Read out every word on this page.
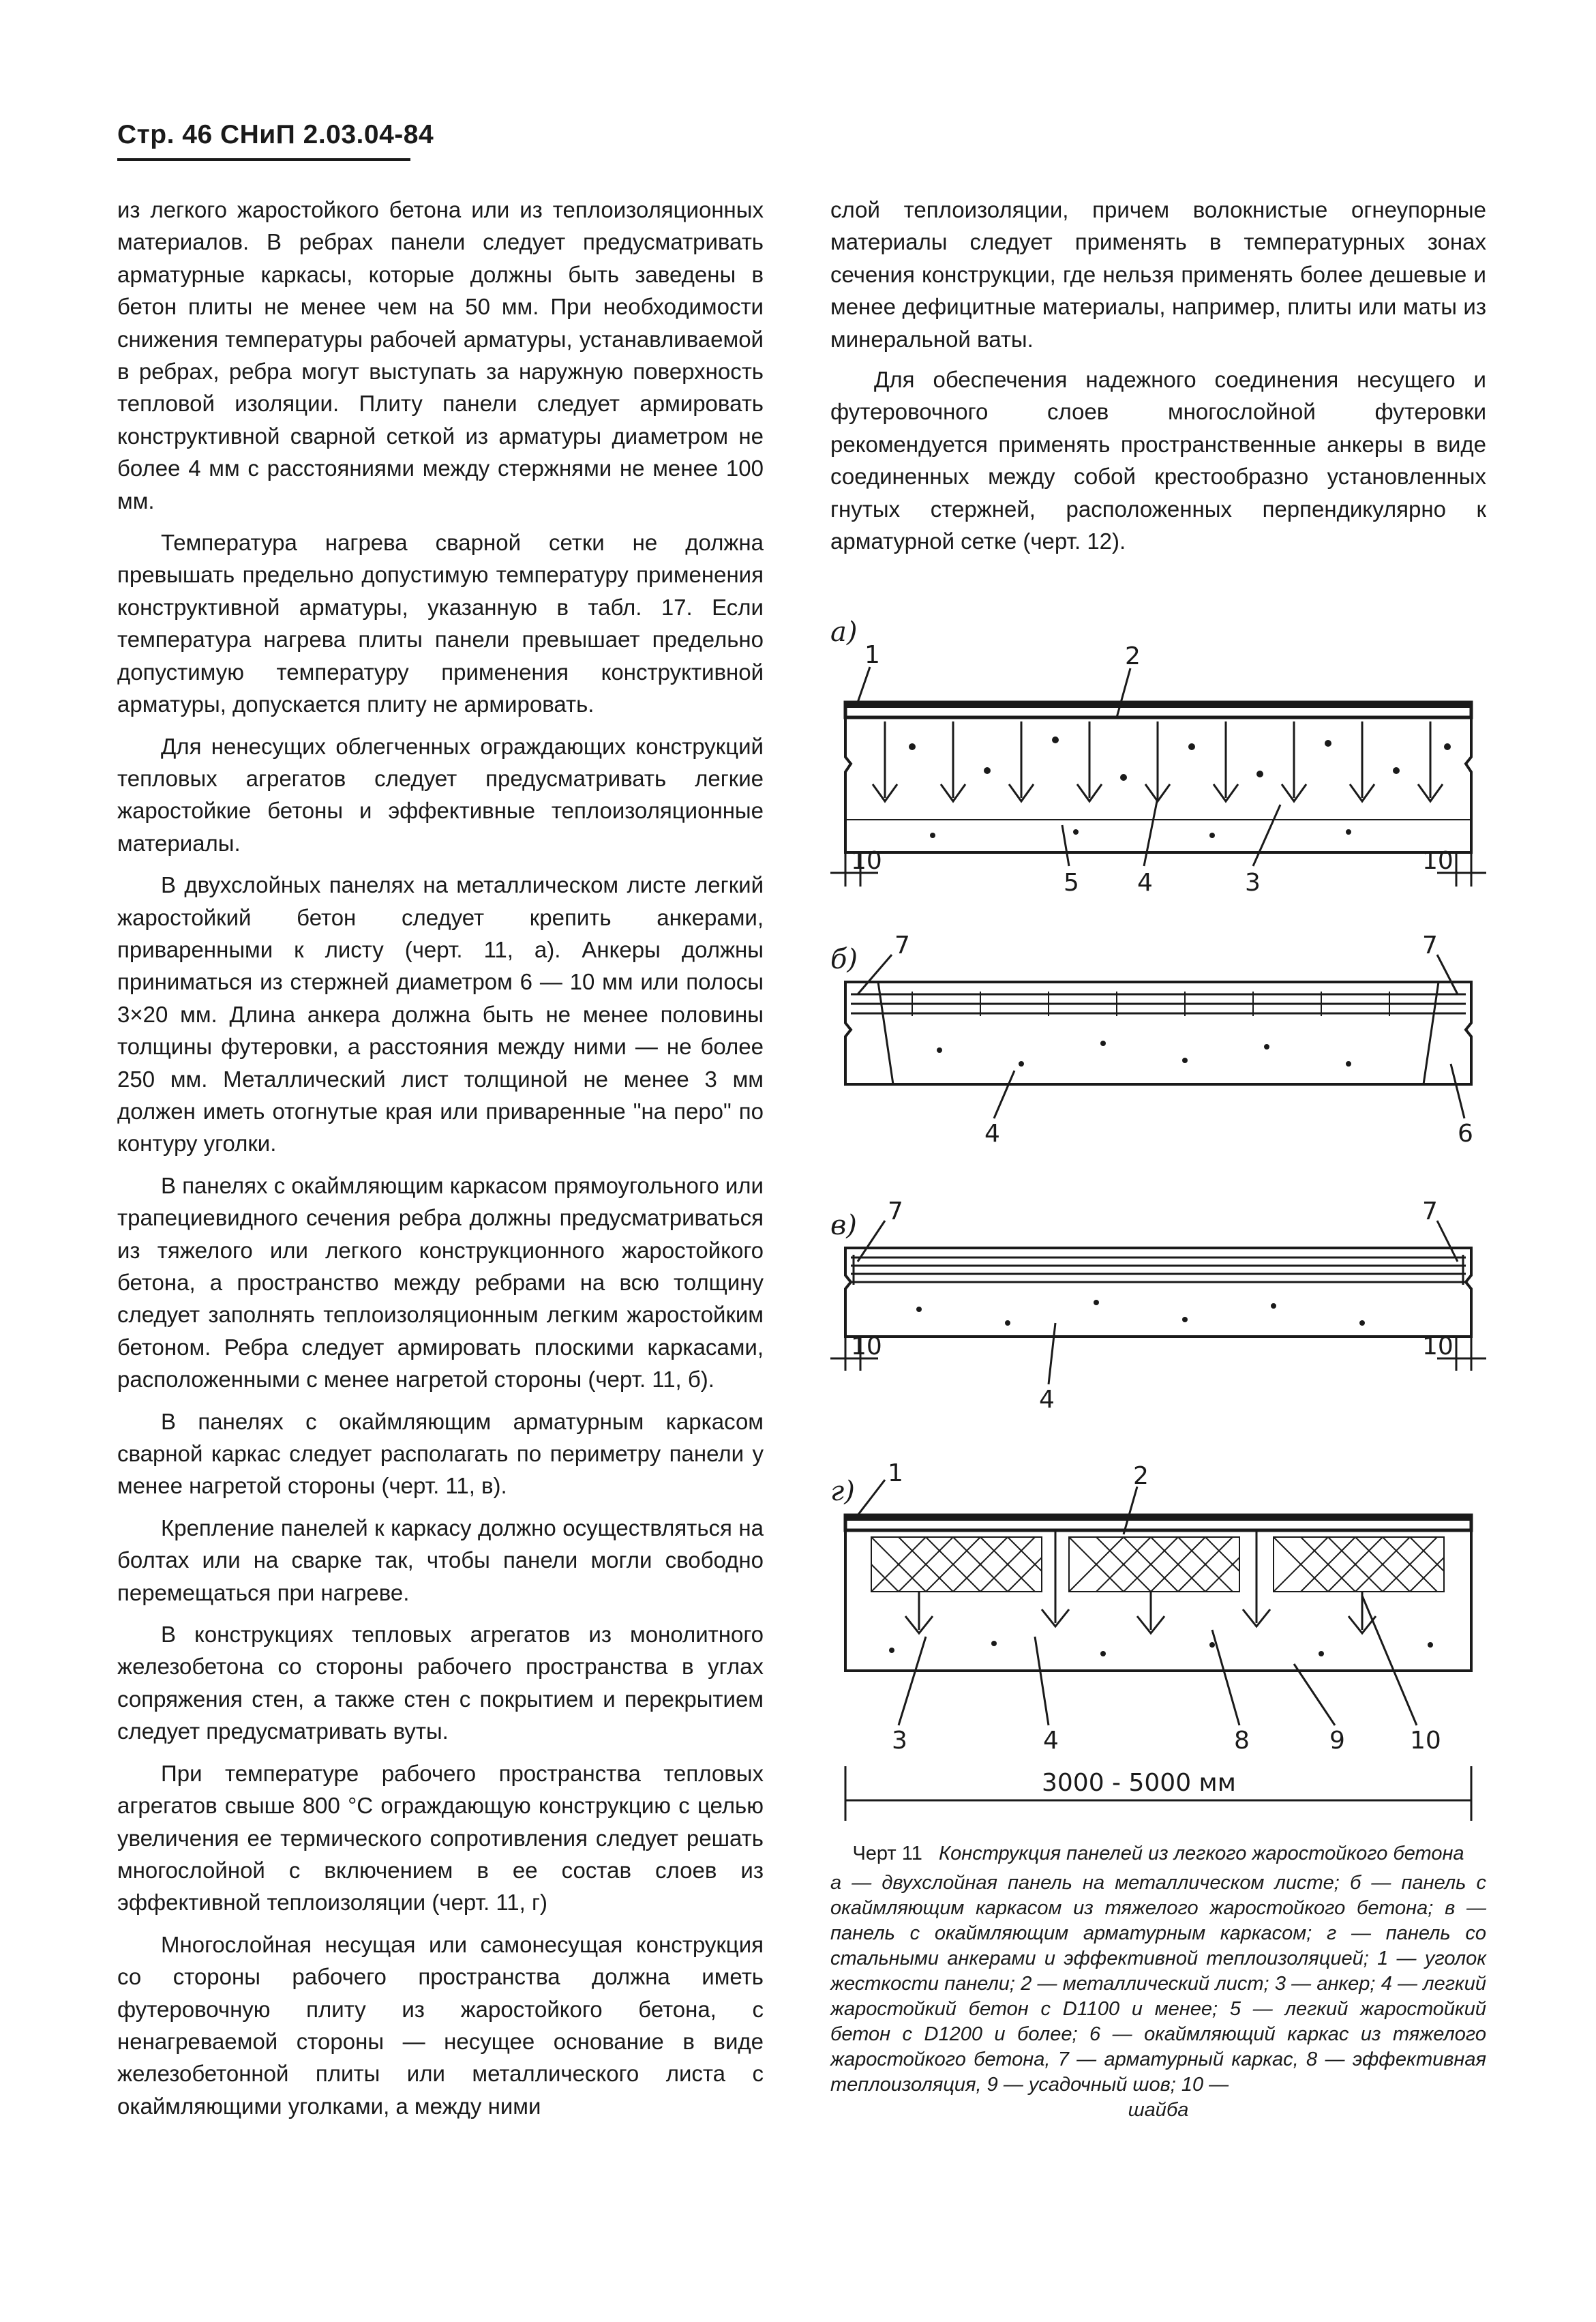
Стр. 46 СНиП 2.03.04-84

из легкого жаростойкого бетона или из теплоизоляционных материалов. В ребрах панели следует предусматривать арматурные каркасы, которые должны быть заведены в бетон плиты не менее чем на 50 мм. При необходимости снижения температуры рабочей арматуры, устанавливаемой в ребрах, ребра могут выступать за наружную поверхность тепловой изоляции. Плиту панели следует армировать конструктивной сварной сеткой из арматуры диаметром не более 4 мм с расстояниями между стержнями не менее 100 мм.

Температура нагрева сварной сетки не должна превышать предельно допустимую температуру применения конструктивной арматуры, указанную в табл. 17. Если температура нагрева плиты панели превышает предельно допустимую температуру применения конструктивной арматуры, допускается плиту не армировать.

Для ненесущих облегченных ограждающих конструкций тепловых агрегатов следует предусматривать легкие жаростойкие бетоны и эффективные теплоизоляционные материалы.

В двухслойных панелях на металлическом листе легкий жаростойкий бетон следует крепить анкерами, приваренными к листу (черт. 11, а). Анкеры должны приниматься из стержней диаметром 6 — 10 мм или полосы 3×20 мм. Длина анкера должна быть не менее половины толщины футеровки, а расстояния между ними — не более 250 мм. Металлический лист толщиной не менее 3 мм должен иметь отогнутые края или приваренные "на перо" по контуру уголки.

В панелях с окаймляющим каркасом прямоугольного или трапециевидного сечения ребра должны предусматриваться из тяжелого или легкого конструкционного жаростойкого бетона, а пространство между ребрами на всю толщину следует заполнять теплоизоляционным легким жаростойким бетоном. Ребра следует армировать плоскими каркасами, расположенными с менее нагретой стороны (черт. 11, б).

В панелях с окаймляющим арматурным каркасом сварной каркас следует располагать по периметру панели у менее нагретой стороны (черт. 11, в).

Крепление панелей к каркасу должно осуществляться на болтах или на сварке так, чтобы панели могли свободно перемещаться при нагреве.

В конструкциях тепловых агрегатов из монолитного железобетона со стороны рабочего пространства в углах сопряжения стен, а также стен с покрытием и перекрытием следует предусматривать вуты.

При температуре рабочего пространства тепловых агрегатов свыше 800 °С ограждающую конструкцию с целью увеличения ее термического сопротивления следует решать многослойной с включением в ее состав слоев из эффективной теплоизоляции (черт. 11, г)

Многослойная несущая или самонесущая конструкция со стороны рабочего пространства должна иметь футеровочную плиту из жаростойкого бетона, с ненагреваемой стороны — несущее основание в виде железобетонной плиты или металлического листа с окаймляющими уголками, а между ними

слой теплоизоляции, причем волокнистые огнеупорные материалы следует применять в температурных зонах сечения конструкции, где нельзя применять более дешевые и менее дефицитные материалы, например, плиты или маты из минеральной ваты.

Для обеспечения надежного соединения несущего и футеровочного слоев многослойной футеровки рекомендуется применять пространственные анкеры в виде соединенных между собой крестообразно установленных гнутых стержней, расположенных перпендикулярно к арматурной сетке (черт. 12).

а)
1	2
5 4	3
10	10
б) 7	7
4	6
в) 7	7
4
10	10
г)
1	2
3	4	8	9	10
3000 - 5000 мм

Черт 11 Конструкция панелей из легкого жаростойкого бетона

а — двухслойная панель на металлическом листе; б — панель с окаймляющим каркасом из тяжелого жаростойкого бетона; в — панель с окаймляющим арматурным каркасом; г — панель со стальными анкерами и эффективной теплоизоляцией; 1 — уголок жесткости панели; 2 — металлический лист; 3 — анкер; 4 — легкий жаростойкий бетон с D1100 и менее; 5 — легкий жаростойкий бетон с D1200 и более; 6 — окаймляющий каркас из тяжелого жаростойкого бетона, 7 — арматурный каркас, 8 — эффективная теплоизоляция, 9 — усадочный шов; 10 —

шайба
